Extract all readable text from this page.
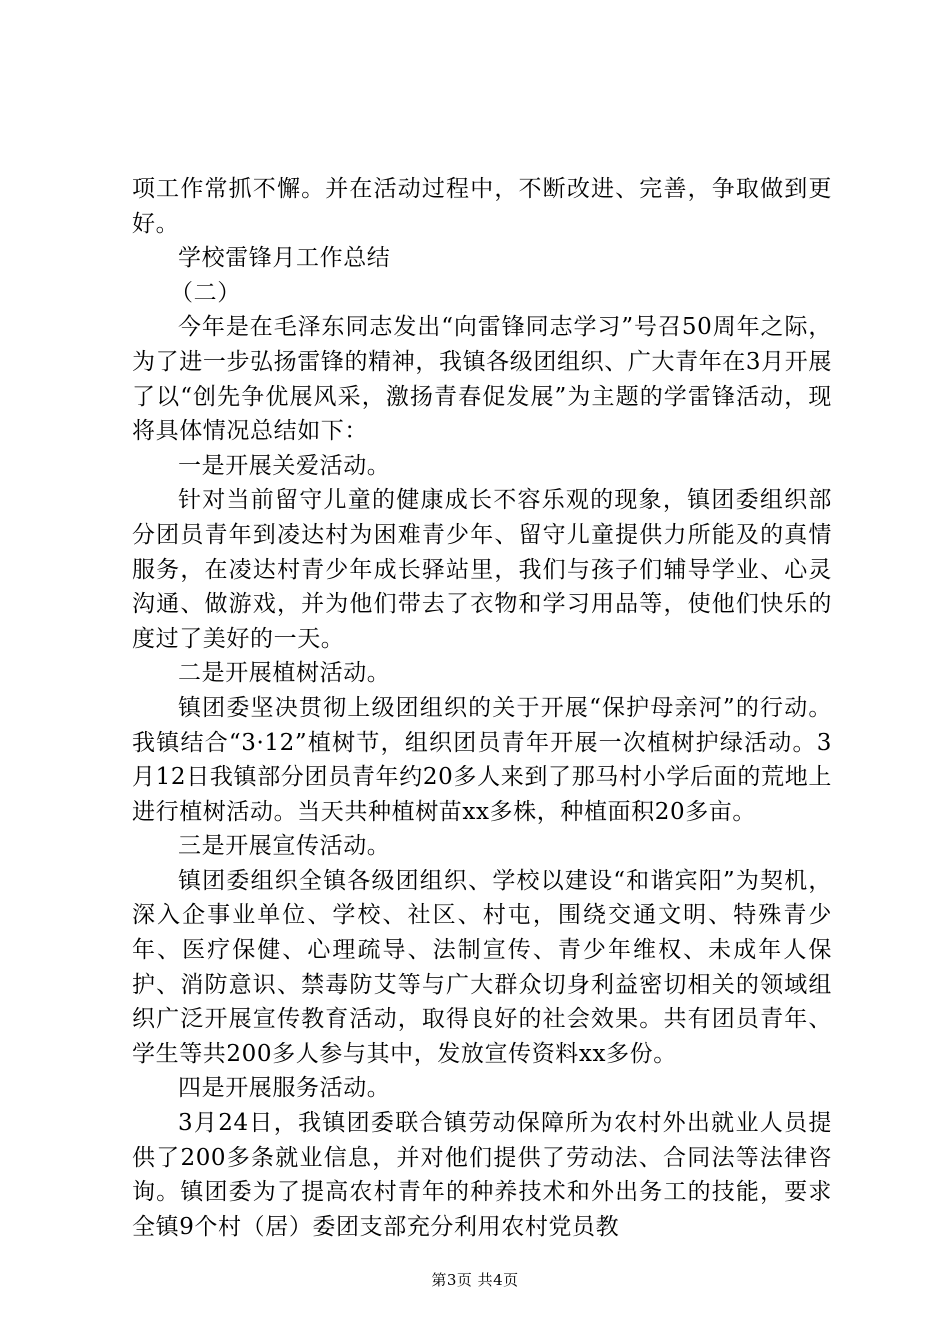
项工作常抓不懈。并在活动过程中，不断改进、完善，争取做到更好。

学校雷锋月工作总结

（二）

今年是在毛泽东同志发出“向雷锋同志学习”号召50周年之际，为了进一步弘扬雷锋的精神，我镇各级团组织、广大青年在3月开展了以“创先争优展风采，激扬青春促发展”为主题的学雷锋活动，现将具体情况总结如下：

一是开展关爱活动。

针对当前留守儿童的健康成长不容乐观的现象，镇团委组织部分团员青年到凌达村为困难青少年、留守儿童提供力所能及的真情服务，在凌达村青少年成长驿站里，我们与孩子们辅导学业、心灵沟通、做游戏，并为他们带去了衣物和学习用品等，使他们快乐的度过了美好的一天。

二是开展植树活动。

镇团委坚决贯彻上级团组织的关于开展“保护母亲河”的行动。我镇结合“3·12”植树节，组织团员青年开展一次植树护绿活动。3月12日我镇部分团员青年约20多人来到了那马村小学后面的荒地上进行植树活动。当天共种植树苗xx多株，种植面积20多亩。

三是开展宣传活动。

镇团委组织全镇各级团组织、学校以建设“和谐宾阳”为契机，深入企事业单位、学校、社区、村屯，围绕交通文明、特殊青少年、医疗保健、心理疏导、法制宣传、青少年维权、未成年人保护、消防意识、禁毒防艾等与广大群众切身利益密切相关的领域组织广泛开展宣传教育活动，取得良好的社会效果。共有团员青年、学生等共200多人参与其中，发放宣传资料xx多份。

四是开展服务活动。

3月24日，我镇团委联合镇劳动保障所为农村外出就业人员提供了200多条就业信息，并对他们提供了劳动法、合同法等法律咨询。镇团委为了提高农村青年的种养技术和外出务工的技能，要求全镇9个村（居）委团支部充分利用农村党员教

第3页 共4页
